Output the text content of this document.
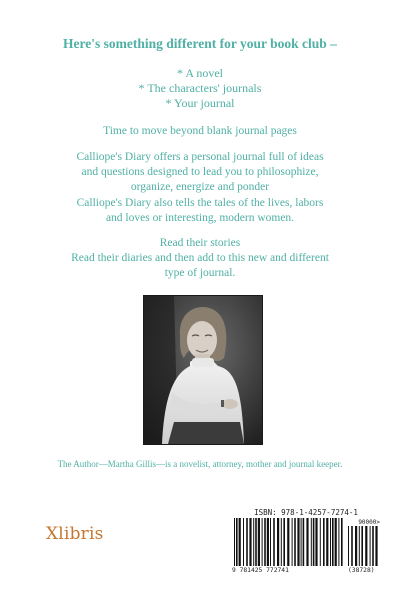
Here's something different for your book club –
* A novel
* The characters' journals
* Your journal
Time to move beyond blank journal pages
Calliope's Diary offers a personal journal full of ideas and questions designed to lead you to philosophize, organize, energize and ponder
Calliope's Diary also tells the tales of the lives, labors and loves or interesting, modern women.
Read their stories
Read their diaries and then add to this new and different type of journal.
The Author—Martha Gillis—is a novelist, attorney, mother and journal keeper.
Xlibris
ISBN: 978-1-4257-7274-1
90000>
9 781425 772741	(38728)
